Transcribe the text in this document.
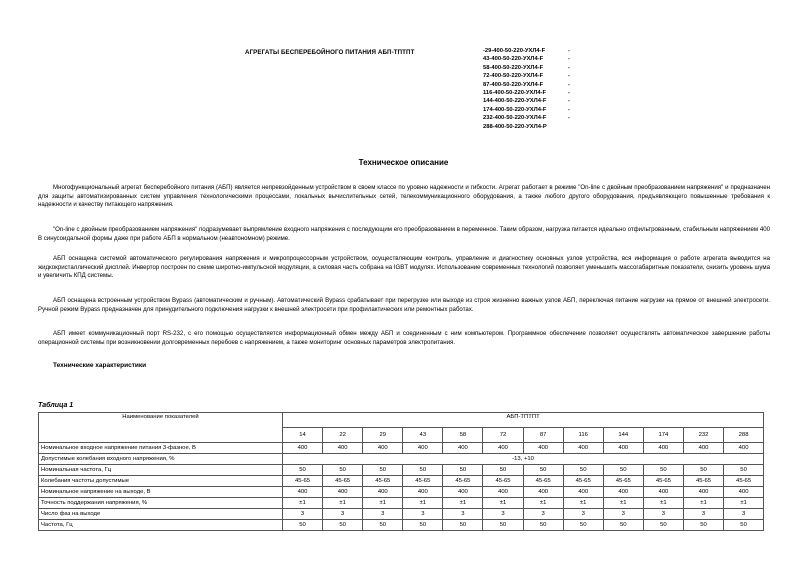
АГРЕГАТЫ БЕСПЕРЕБОЙНОГО ПИТАНИЯ АБП-ТПТПТ	-29-400-50-220-УХЛ4-F	-
43-400-50-220-УХЛ4-F	-
58-400-50-220-УХЛ4-F	-
72-400-50-220-УХЛ4-F	-
87-400-50-220-УХЛ4-F	-
116-400-50-220-УХЛ4-F	-
144-400-50-220-УХЛ4-F	-
174-400-50-220-УХЛ4-F	-
232-400-50-220-УХЛ4-F	-
288-400-50-220-УХЛ4-P
Техническое описание
Многофункциональный агрегат бесперебойного питания (АБП) является непревзойденным устройством в своем классе по уровню надежности и гибкости. Агрегат работает в режиме "On-line с двойным преобразованием напряжения" и предназначен для защиты автоматизированных систем управления технологическими процессами, локальных вычислительных сетей, телекоммуникационного оборудования, а также любого другого оборудования, предъявляющего повышенные требования к надежности и качеству питающего напряжения.
"On-line с двойным преобразованием напряжения" подразумевает выпрямление входного напряжения с последующим его преобразованием в переменное. Таким образом, нагрузка питается идеально отфильтрованным, стабильным напряжением 400 В синусоидальной формы даже при работе АБП в нормальном (неавтономном) режиме.
АБП оснащена системой автоматического регулирования напряжения и микропроцессорным устройством, осуществляющим контроль, управление и диагностику основных узлов устройства, вся информация о работе агрегата выводится на жидкокристаллический дисплей. Инвертор построен по схеме широтно-импульсной модуляции, а силовая часть собрана на IGBT модулях. Использование современных технологий позволяет уменьшить массогабаритные показатели, снизить уровень шума и увеличить КПД системы.
АБП оснащена встроенным устройством Bypass (автоматическим и ручным). Автоматический Bypass срабатывает при перегрузке или выходе из строя жизненно важных узлов АБП, переключая питание нагрузки на прямое от внешней электросети. Ручной режим Bypass предназначен для принудительного подключения нагрузки к внешней электросети при профилактических или ремонтных работах.
АБП имеет коммуникационный порт RS-232, с его помощью осуществляется информационный обмен между АБП и соединенным с ним компьютером. Программное обеспечение позволяет осуществлять автоматическое завершение работы операционной системы при возникновении долговременных перебоев с напряжением, а также мониторинг основных параметров электропитания.
Технические характеристики
Таблица 1
Наименование показателей	АБП-ТПТПТ											
	14	22	29	43	58	72	87	116	144	174	232	288
Номинальное входное напряжение питания 3-фазное, В	400	400	400	400	400	400	400	400	400	400	400	400
Допустимые колебания входного напряжения, %	-13, +10											
Номинальная частота, Гц	50	50	50	50	50	50	50	50	50	50	50	50
Колебания частоты допустимые	45-65	45-65	45-65	45-65	45-65	45-65	45-65	45-65	45-65	45-65	45-65	45-65
Номинальное напряжение на выходе, В	400	400	400	400	400	400	400	400	400	400	400	400
Точность поддержания напряжения, %	±1	±1	±1	±1	±1	±1	±1	±1	±1	±1	±1	±1
Число фаз на выходе	3	3	3	3	3	3	3	3	3	3	3	3
Частота, Гц	50	50	50	50	50	50	50	50	50	50	50	50
